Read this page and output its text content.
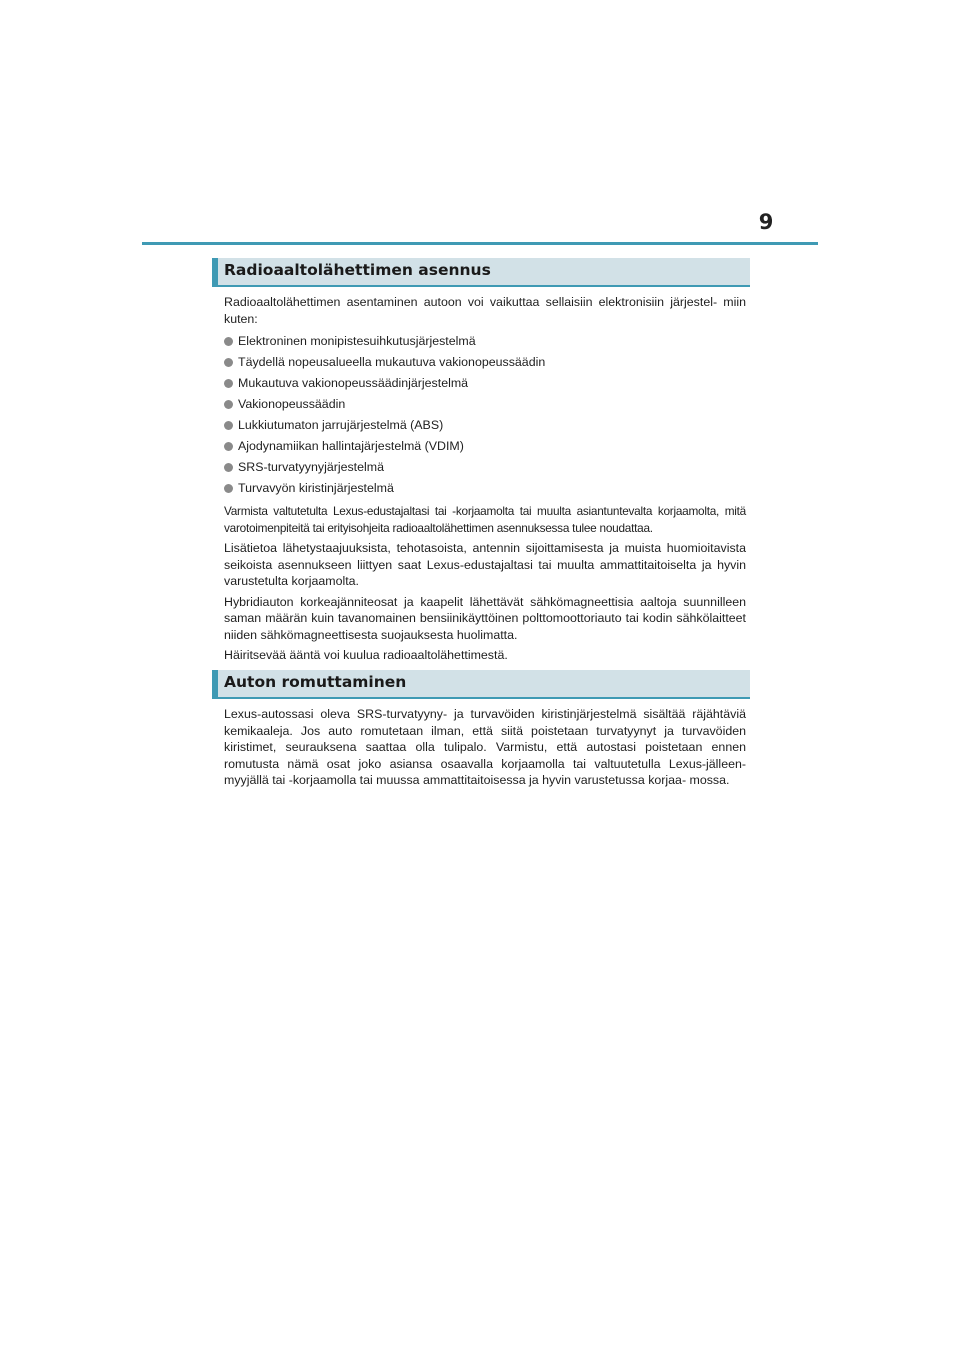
9
Radioaaltolähettimen asennus

Radioaaltolähettimen asentaminen autoon voi vaikuttaa sellaisiin elektronisiin järjestel- miin kuten:

Elektroninen monipistesuihkutusjärjestelmä
Täydellä nopeusalueella mukautuva vakionopeussäädin
Mukautuva vakionopeussäädinjärjestelmä
Vakionopeussäädin
Lukkiutumaton jarrujärjestelmä (ABS)
Ajodynamiikan hallintajärjestelmä (VDIM)
SRS-turvatyynyjärjestelmä
Turvavyön kiristinjärjestelmä

Varmista valtutetulta Lexus-edustajaltasi tai -korjaamolta tai muulta asiantuntevalta korjaamolta, mitä varotoimenpiteitä tai erityisohjeita radioaaltolähettimen asennuksessa tulee noudattaa.

Lisätietoa lähetystaajuuksista, tehotasoista, antennin sijoittamisesta ja muista huomioitavista seikoista asennukseen liittyen saat Lexus-edustajaltasi tai muulta ammattitaitoiselta ja hyvin varustetulta korjaamolta.

Hybridiauton korkeajänniteosat ja kaapelit lähettävät sähkömagneettisia aaltoja suunnilleen saman määrän kuin tavanomainen bensiinikäyttöinen polttomoottoriauto tai kodin sähkölaitteet niiden sähkömagneettisesta suojauksesta huolimatta.

Häiritsevää ääntä voi kuulua radioaaltolähettimestä.

Auton romuttaminen

Lexus-autossasi oleva SRS-turvatyyny- ja turvavöiden kiristinjärjestelmä sisältää räjähtäviä kemikaaleja. Jos auto romutetaan ilman, että siitä poistetaan turvatyynyt ja turvavöiden kiristimet, seurauksena saattaa olla tulipalo. Varmistu, että autostasi poistetaan ennen romutusta nämä osat joko asiansa osaavalla korjaamolla tai valtuutetulla Lexus-jälleen- myyjällä tai -korjaamolla tai muussa ammattitaitoisessa ja hyvin varustetussa korjaa- mossa.
